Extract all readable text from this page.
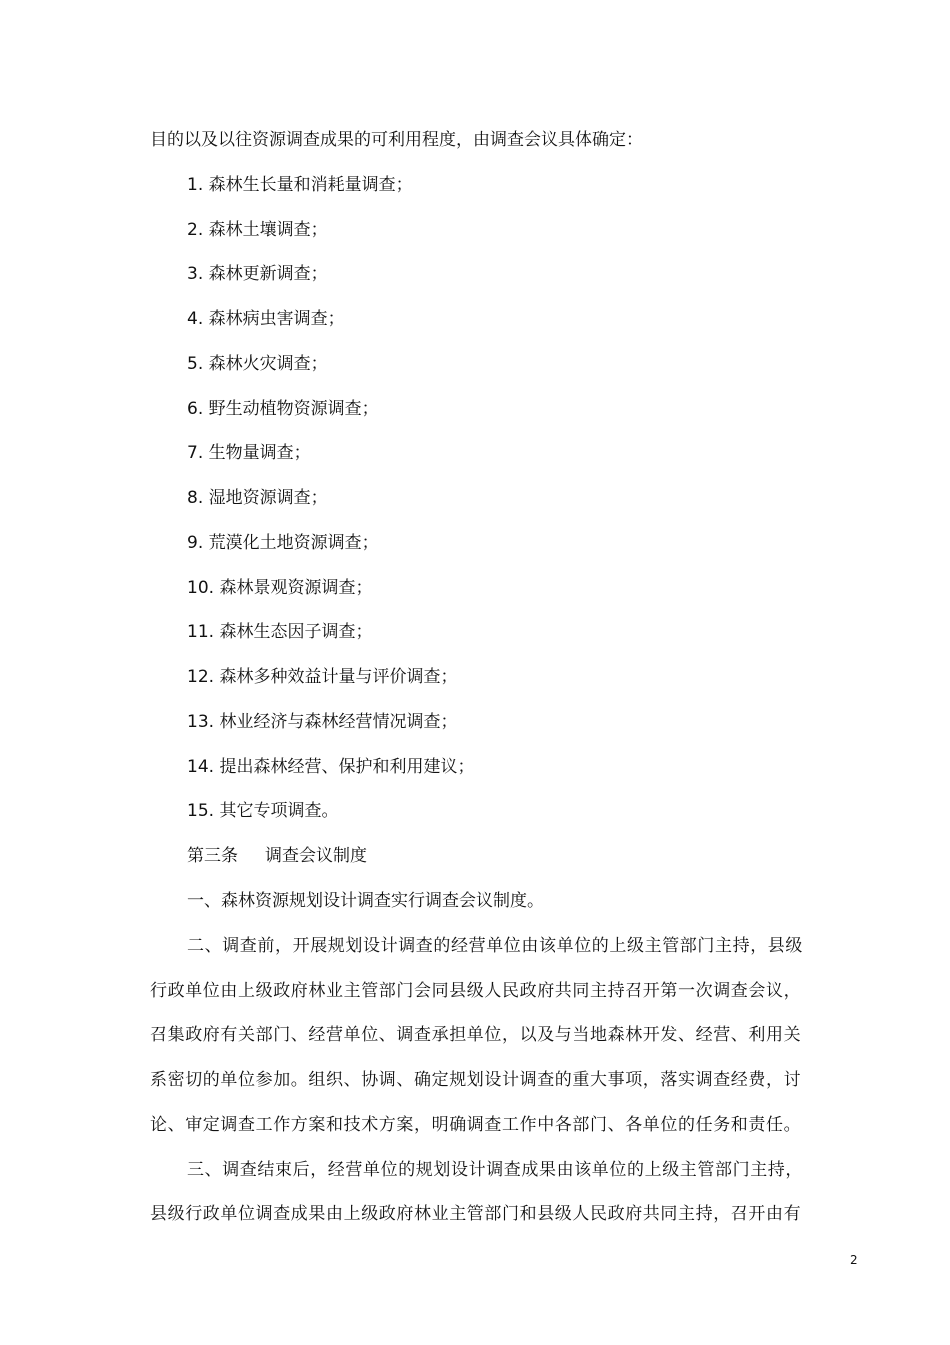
目的以及以往资源调查成果的可利用程度，由调查会议具体确定：
1. 森林生长量和消耗量调查；
2. 森林土壤调查；
3. 森林更新调查；
4. 森林病虫害调查；
5. 森林火灾调查；
6. 野生动植物资源调查；
7. 生物量调查；
8. 湿地资源调查；
9. 荒漠化土地资源调查；
10. 森林景观资源调查；
11. 森林生态因子调查；
12. 森林多种效益计量与评价调查；
13. 林业经济与森林经营情况调查；
14. 提出森林经营、保护和利用建议；
15. 其它专项调查。
第三条     调查会议制度
一、森林资源规划设计调查实行调查会议制度。
二、调查前，开展规划设计调查的经营单位由该单位的上级主管部门主持，县级
行政单位由上级政府林业主管部门会同县级人民政府共同主持召开第一次调查会议，
召集政府有关部门、经营单位、调查承担单位，以及与当地森林开发、经营、利用关
系密切的单位参加。组织、协调、确定规划设计调查的重大事项，落实调查经费，讨
论、审定调查工作方案和技术方案，明确调查工作中各部门、各单位的任务和责任。
三、调查结束后，经营单位的规划设计调查成果由该单位的上级主管部门主持，
县级行政单位调查成果由上级政府林业主管部门和县级人民政府共同主持，召开由有
2
